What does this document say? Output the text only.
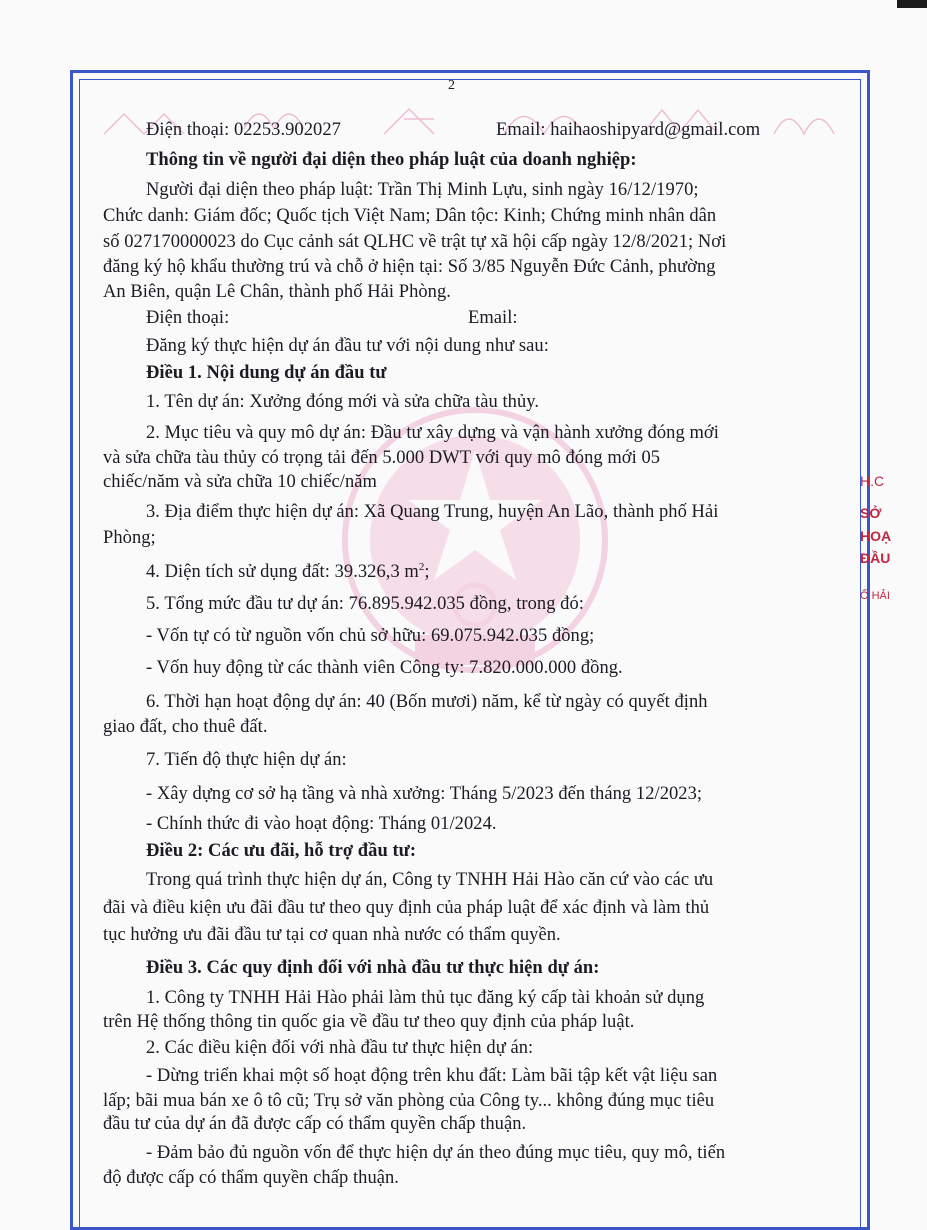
H.C
SỞ
HOẠ
ĐẦU
Ố HẢI
2
Điện thoại: 02253.902027	Email: haihaoshipyard@gmail.com
Thông tin về người đại diện theo pháp luật của doanh nghiệp:
Người đại diện theo pháp luật: Trần Thị Minh Lựu, sinh ngày 16/12/1970;
Chức danh: Giám đốc; Quốc tịch Việt Nam; Dân tộc: Kinh; Chứng minh nhân dân
số 027170000023 do Cục cảnh sát QLHC về trật tự xã hội cấp ngày 12/8/2021; Nơi
đăng ký hộ khẩu thường trú và chỗ ở hiện tại: Số 3/85 Nguyễn Đức Cảnh, phường
An Biên, quận Lê Chân, thành phố Hải Phòng.
Điện thoại:	Email:
Đăng ký thực hiện dự án đầu tư với nội dung như sau:
Điều 1. Nội dung dự án đầu tư
1. Tên dự án: Xưởng đóng mới và sửa chữa tàu thủy.
2. Mục tiêu và quy mô dự án: Đầu tư xây dựng và vận hành xưởng đóng mới
và sửa chữa tàu thủy có trọng tải đến 5.000 DWT với quy mô đóng mới 05
chiếc/năm và sửa chữa 10 chiếc/năm
3. Địa điểm thực hiện dự án: Xã Quang Trung, huyện An Lão, thành phố Hải
Phòng;
4. Diện tích sử dụng đất: 39.326,3 $m^2$;
5. Tổng mức đầu tư dự án: 76.895.942.035 đồng, trong đó:
- Vốn tự có từ nguồn vốn chủ sở hữu: 69.075.942.035 đồng;
- Vốn huy động từ các thành viên Công ty: 7.820.000.000 đồng.
6. Thời hạn hoạt động dự án: 40 (Bốn mươi) năm, kể từ ngày có quyết định
giao đất, cho thuê đất.
7. Tiến độ thực hiện dự án:
- Xây dựng cơ sở hạ tầng và nhà xưởng: Tháng 5/2023 đến tháng 12/2023;
- Chính thức đi vào hoạt động: Tháng 01/2024.
Điều 2: Các ưu đãi, hỗ trợ đầu tư:
Trong quá trình thực hiện dự án, Công ty TNHH Hải Hào căn cứ vào các ưu
đãi và điều kiện ưu đãi đầu tư theo quy định của pháp luật để xác định và làm thủ
tục hưởng ưu đãi đầu tư tại cơ quan nhà nước có thẩm quyền.
Điều 3. Các quy định đối với nhà đầu tư thực hiện dự án:
1. Công ty TNHH Hải Hào phải làm thủ tục đăng ký cấp tài khoản sử dụng
trên Hệ thống thông tin quốc gia về đầu tư theo quy định của pháp luật.
2. Các điều kiện đối với nhà đầu tư thực hiện dự án:
- Dừng triển khai một số hoạt động trên khu đất: Làm bãi tập kết vật liệu san
lấp; bãi mua bán xe ô tô cũ; Trụ sở văn phòng của Công ty... không đúng mục tiêu
đầu tư của dự án đã được cấp có thẩm quyền chấp thuận.
- Đảm bảo đủ nguồn vốn để thực hiện dự án theo đúng mục tiêu, quy mô, tiến
độ được cấp có thẩm quyền chấp thuận.
